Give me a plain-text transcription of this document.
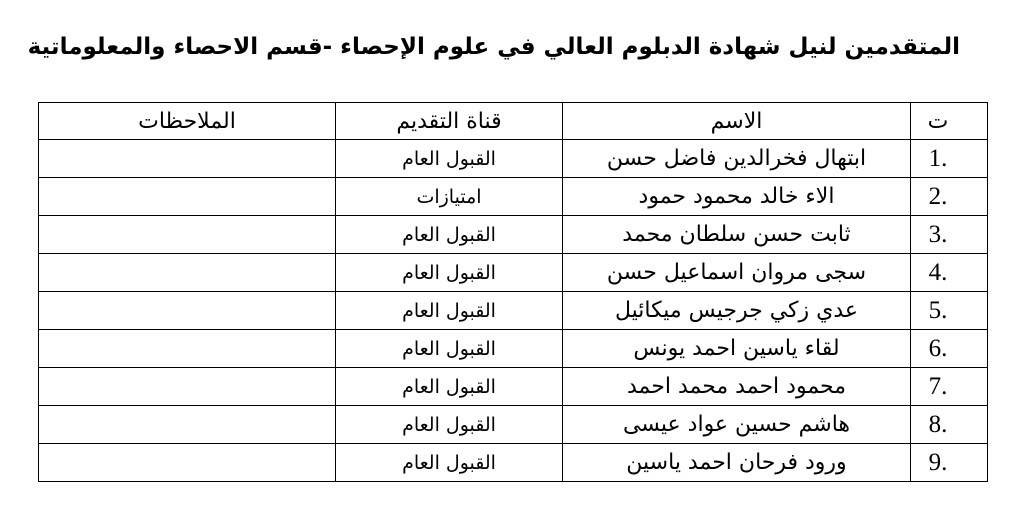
المتقدمين لنيل شهادة الدبلوم العالي في علوم الإحصاء -قسم الاحصاء والمعلوماتية
ت	الاسم	قناة التقديم	الملاحظات
1.	ابتهال فخرالدين فاضل حسن	القبول العام	
2.	الاء خالد محمود حمود	امتيازات	
3.	ثابت حسن سلطان محمد	القبول العام	
4.	سجى مروان اسماعيل حسن	القبول العام	
5.	عدي زكي جرجيس ميكائيل	القبول العام	
6.	لقاء ياسين احمد يونس	القبول العام	
7.	محمود احمد محمد احمد	القبول العام	
8.	هاشم حسين عواد عيسى	القبول العام	
9.	ورود فرحان احمد ياسين	القبول العام	
